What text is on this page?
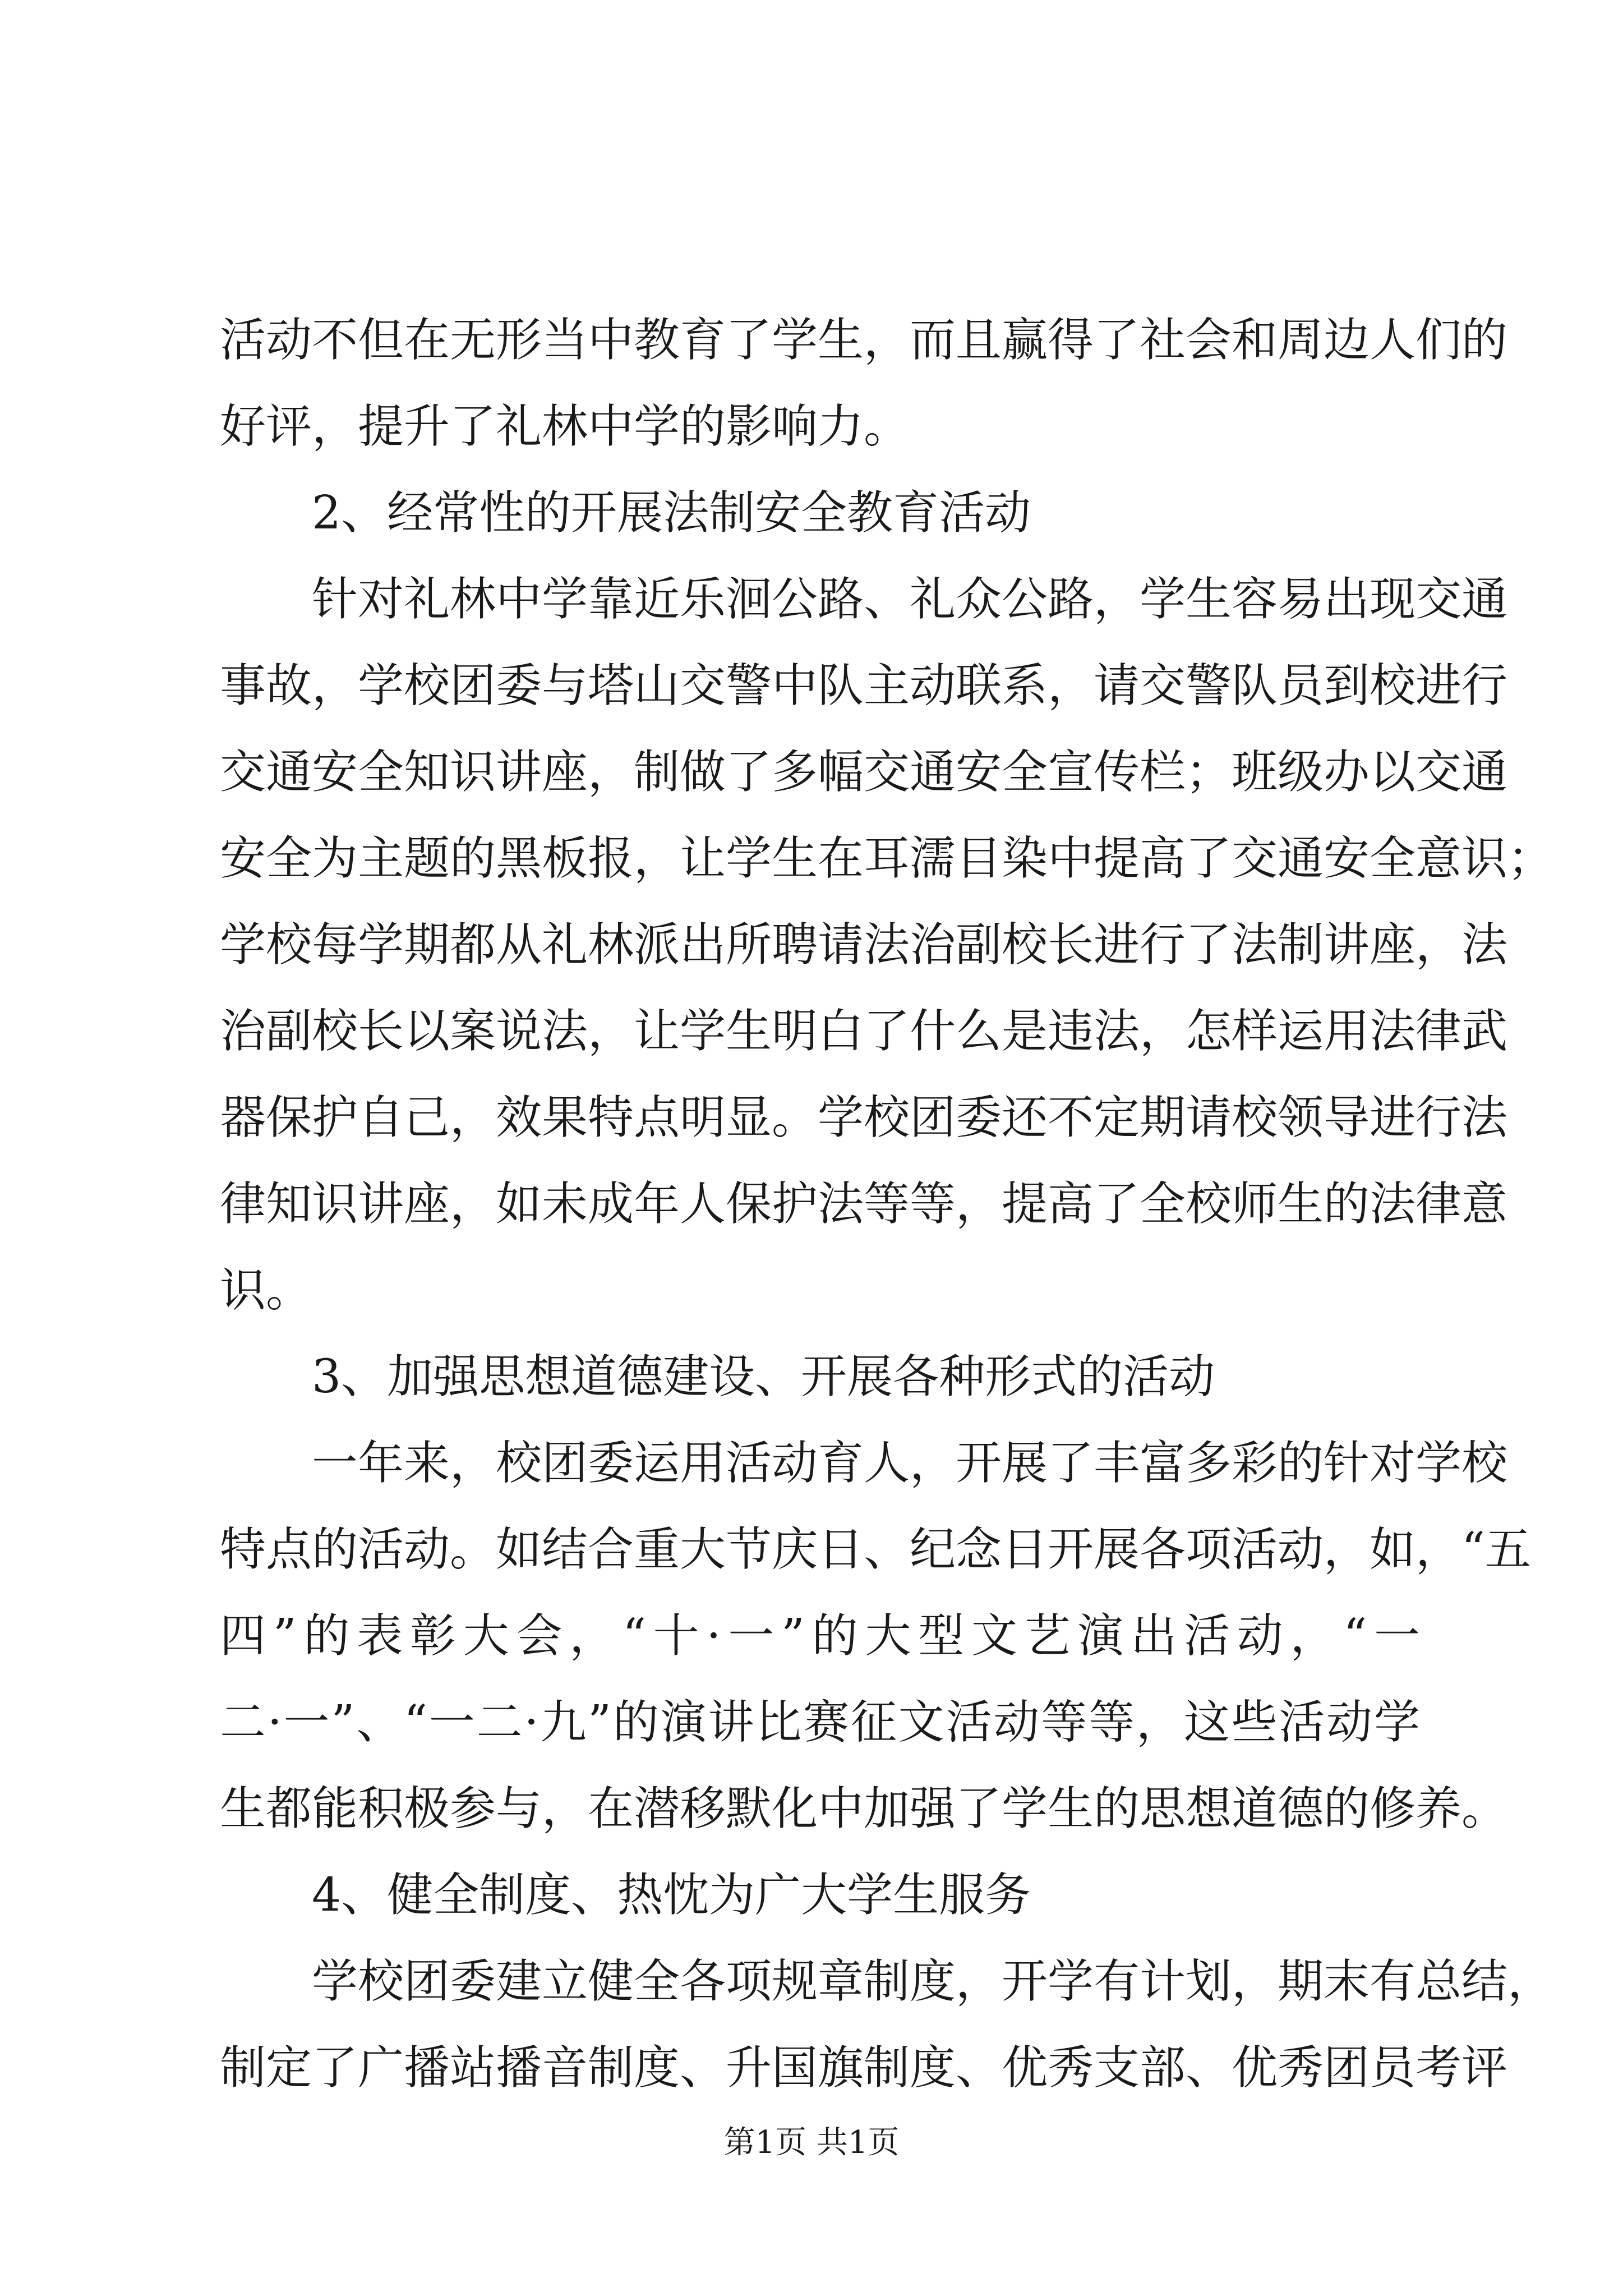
活动不但在无形当中教育了学生，而且赢得了社会和周边人们的
好评，提升了礼林中学的影响力。
2、经常性的开展法制安全教育活动
针对礼林中学靠近乐洄公路、礼众公路，学生容易出现交通
事故，学校团委与塔山交警中队主动联系，请交警队员到校进行
交通安全知识讲座，制做了多幅交通安全宣传栏；班级办以交通
安全为主题的黑板报，让学生在耳濡目染中提高了交通安全意识；
学校每学期都从礼林派出所聘请法治副校长进行了法制讲座，法
治副校长以案说法，让学生明白了什么是违法，怎样运用法律武
器保护自己，效果特点明显。学校团委还不定期请校领导进行法
律知识讲座，如未成年人保护法等等，提高了全校师生的法律意
识。
3、加强思想道德建设、开展各种形式的活动
一年来，校团委运用活动育人，开展了丰富多彩的针对学校
特点的活动。如结合重大节庆日、纪念日开展各项活动，如，“五
四”的表彰大会，“十·一”的大型文艺演出活动，“一
二·一”、“一二·九”的演讲比赛征文活动等等，这些活动学
生都能积极参与，在潜移默化中加强了学生的思想道德的修养。
4、健全制度、热忱为广大学生服务
学校团委建立健全各项规章制度，开学有计划，期末有总结，
制定了广播站播音制度、升国旗制度、优秀支部、优秀团员考评
第1页 共1页
